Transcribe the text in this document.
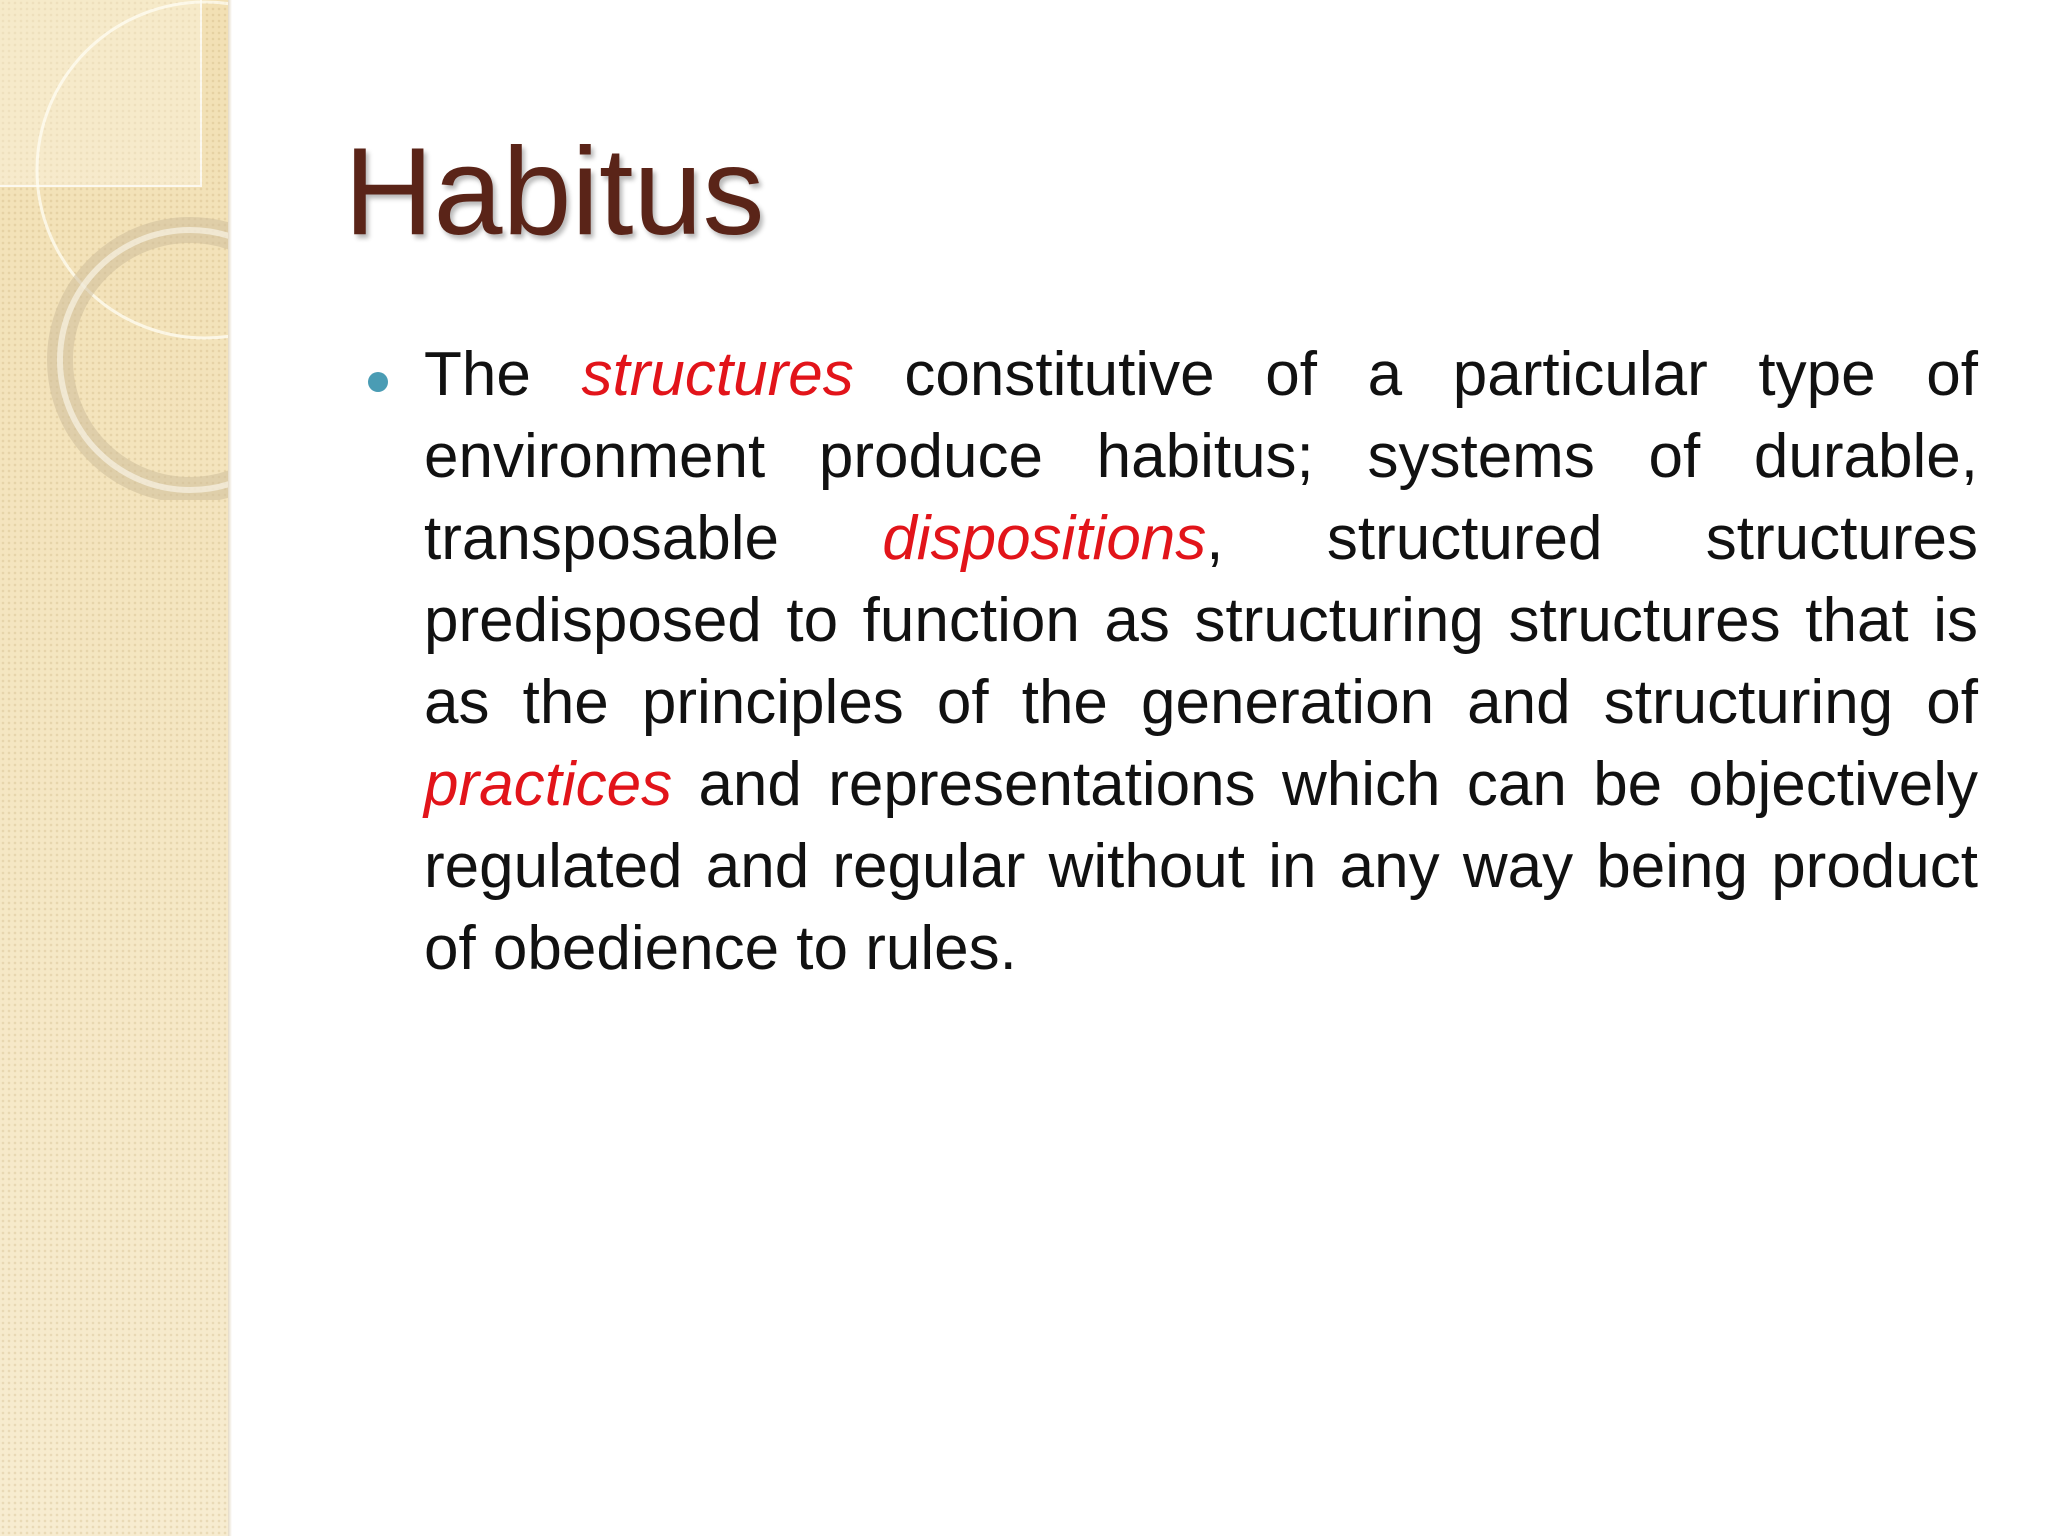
Habitus
The structures constitutive of a particular type of environment produce habitus; systems of durable, transposable dispositions, structured structures predisposed to function as structuring structures that is as the principles of the generation and structuring of practices and representations which can be objectively regulated and regular without in any way being product of obedience to rules.
